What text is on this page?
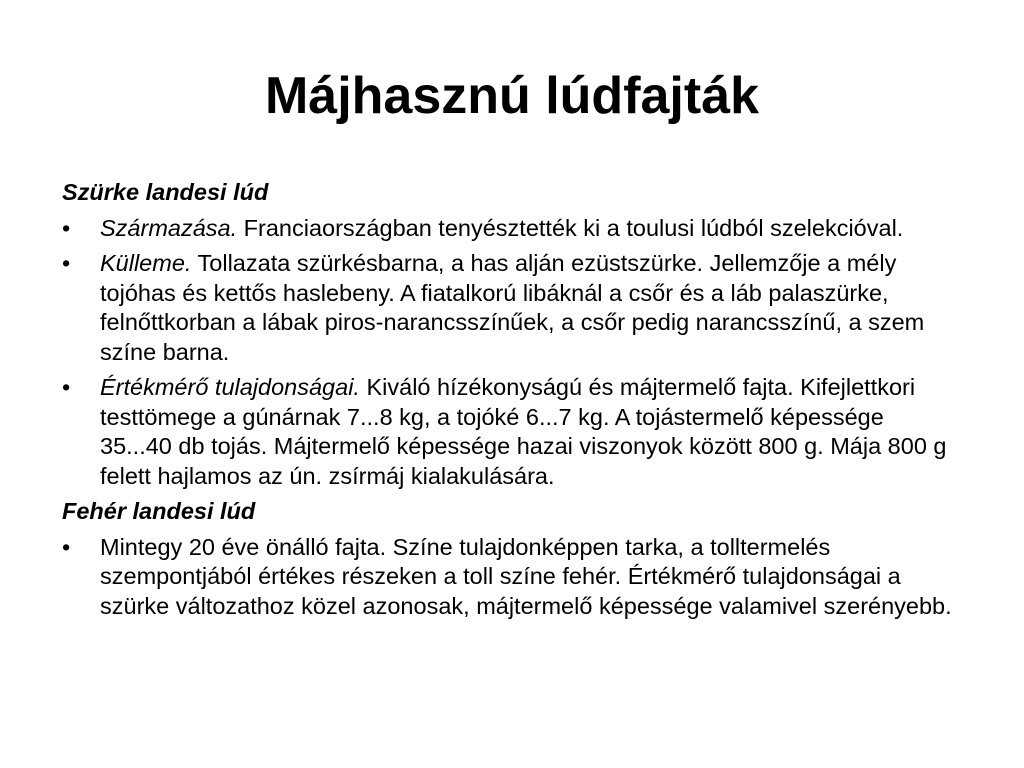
Májhasznú lúdfajták
Szürke landesi lúd
•	Származása. Franciaországban tenyésztették ki a toulusi lúdból szelekcióval.
•	Külleme. Tollazata szürkésbarna, a has alján ezüstszürke. Jellemzője a mély tojóhas és kettős haslebeny. A fiatalkorú libáknál a csőr és a láb palaszürke, felnőttkorban a lábak piros-narancsszínűek, a csőr pedig narancsszínű, a szem színe barna.
•	Értékmérő tulajdonságai. Kiváló hízékonyságú és májtermelő fajta. Kifejlettkori testtömege a gúnárnak 7...8 kg, a tojóké 6...7 kg. A tojástermelő képessége 35...40 db tojás. Májtermelő képessége hazai viszonyok között 800 g. Mája 800 g felett hajlamos az ún. zsírmáj kialakulására.
Fehér landesi lúd
•	Mintegy 20 éve önálló fajta. Színe tulajdonképpen tarka, a tolltermelés szempontjából értékes részeken a toll színe fehér. Értékmérő tulajdonságai a szürke változathoz közel azonosak, májtermelő képessége valamivel szerényebb.
